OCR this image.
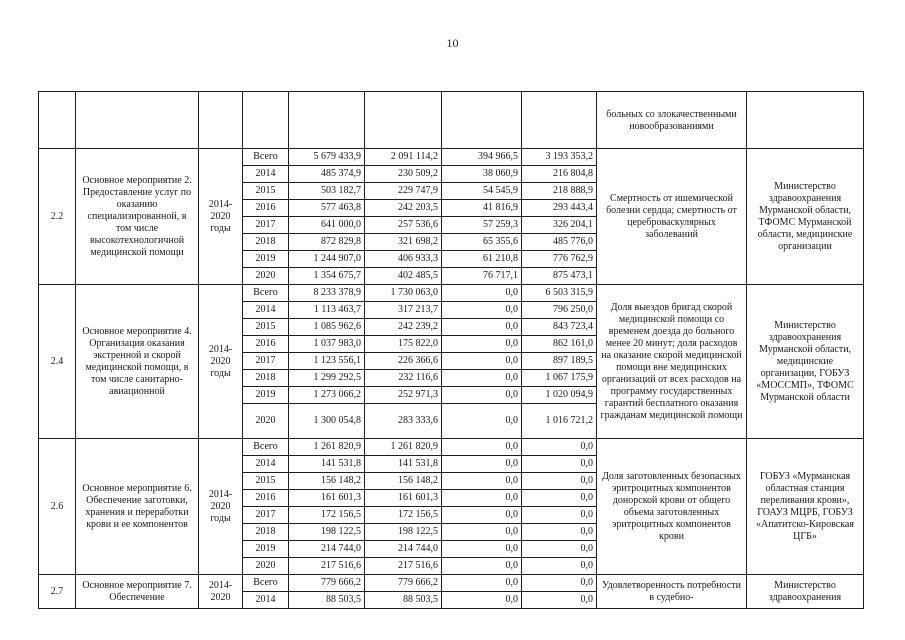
10
								больных со злокачественными новообразованиями	
2.2	Основное мероприятие 2. Предоставление услуг по оказанию специализированной, в том числе высокотехнологичной медицинской помощи	2014-2020 годы	Всего	5 679 433,9	2 091 114,2	394 966,5	3 193 353,2	Смертность от ишемической болезни сердца; смертность от цереброваскулярных заболеваний	Министерство здравоохранения Мурманской области, ТФОМС Мурманской области, медицинские организации
			2014	485 374,9	230 509,2	38 060,9	216 804,8		
			2015	503 182,7	229 747,9	54 545,9	218 888,9		
			2016	577 463,8	242 203,5	41 816,9	293 443,4		
			2017	641 000,0	257 536,6	57 259,3	326 204,1		
			2018	872 829,8	321 698,2	65 355,6	485 776,0		
			2019	1 244 907,0	406 933,3	61 210,8	776 762,9		
			2020	1 354 675,7	402 485,5	76 717,1	875 473,1		
2.4	Основное мероприятие 4. Организация оказания экстренной и скорой медицинской помощи, в том числе санитарно-авиационной	2014-2020 годы	Всего	8 233 378,9	1 730 063,0	0,0	6 503 315,9	Доля выездов бригад скорой медицинской помощи со временем доезда до больного менее 20 минут; доля расходов на оказание скорой медицинской помощи вне медицинских организаций от всех расходов на программу государственных гарантий бесплатного оказания гражданам медицинской помощи	Министерство здравоохранения Мурманской области, медицинские организации, ГОБУЗ «МОССМП», ТФОМС Мурманской области
			2014	1 113 463,7	317 213,7	0,0	796 250,0		
			2015	1 085 962,6	242 239,2	0,0	843 723,4		
			2016	1 037 983,0	175 822,0	0,0	862 161,0		
			2017	1 123 556,1	226 366,6	0,0	897 189,5		
			2018	1 299 292,5	232 116,6	0,0	1 067 175,9		
			2019	1 273 066,2	252 971,3	0,0	1 020 094,9		
			2020	1 300 054,8	283 333,6	0,0	1 016 721,2		
2.6	Основное мероприятие 6. Обеспечение заготовки, хранения и переработки крови и ее компонентов	2014-2020 годы	Всего	1 261 820,9	1 261 820,9	0,0	0,0	Доля заготовленных безопасных эритроцитных компонентов донорской крови от общего объема заготовленных эритроцитных компонентов крови	ГОБУЗ «Мурманская областная станция переливания крови», ГОАУЗ МЦРБ, ГОБУЗ «Апатитско-Кировская ЦГБ»
			2014	141 531,8	141 531,8	0,0	0,0		
			2015	156 148,2	156 148,2	0,0	0,0		
			2016	161 601,3	161 601,3	0,0	0,0		
			2017	172 156,5	172 156,5	0,0	0,0		
			2018	198 122,5	198 122,5	0,0	0,0		
			2019	214 744,0	214 744,0	0,0	0,0		
			2020	217 516,6	217 516,6	0,0	0,0		
2.7	Основное мероприятие 7. Обеспечение	2014-2020	Всего	779 666,2	779 666,2	0,0	0,0	Удовлетворенность потребности в судебно-	Министерство здравоохранения
			2014	88 503,5	88 503,5	0,0	0,0		
